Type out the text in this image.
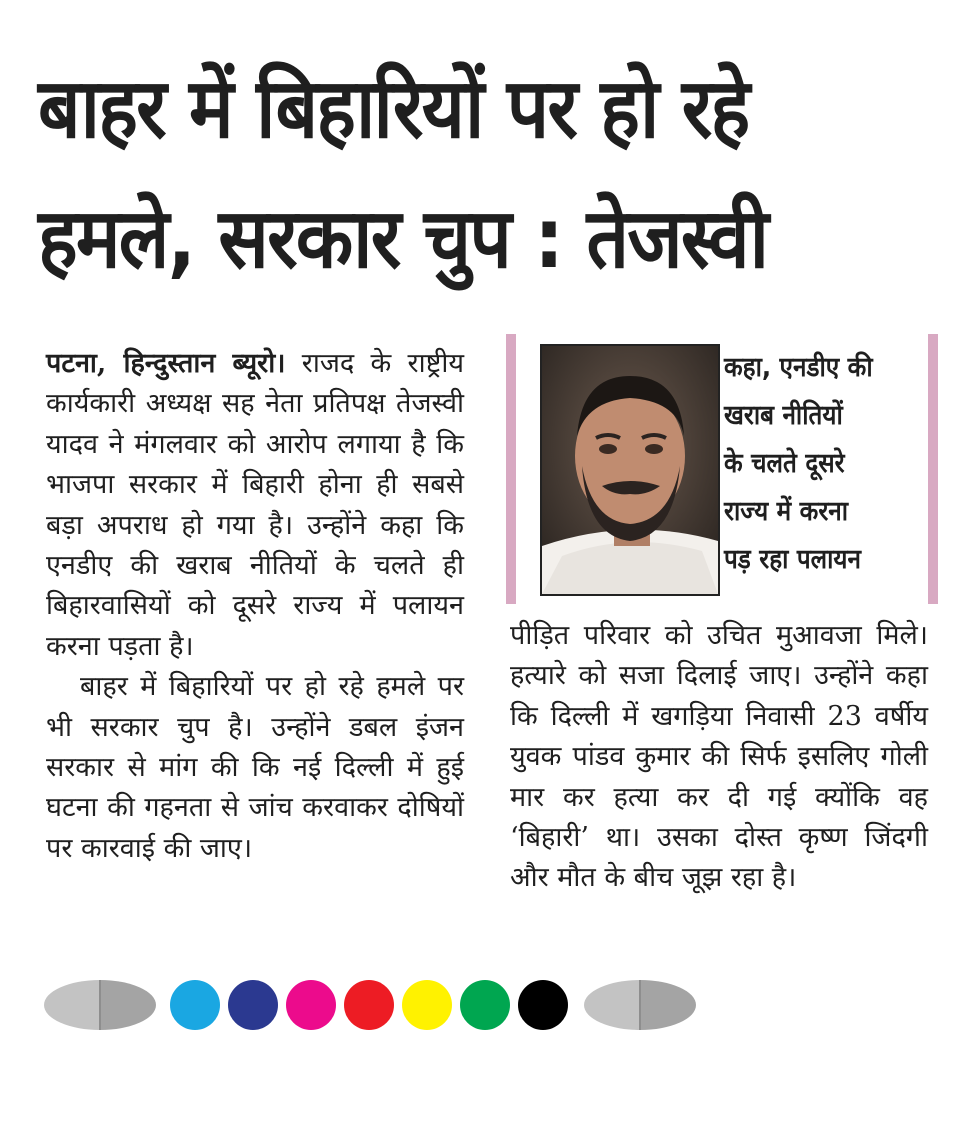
बाहर में बिहारियों पर हो रहे
हमले, सरकार चुप : तेजस्वी

पटना, हिन्दुस्तान ब्यूरो। राजद के राष्ट्रीय कार्यकारी अध्यक्ष सह नेता प्रतिपक्ष तेजस्वी यादव ने मंगलवार को आरोप लगाया है कि भाजपा सरकार में बिहारी होना ही सबसे बड़ा अपराध हो गया है। उन्होंने कहा कि एनडीए की खराब नीतियों के चलते ही बिहारवासियों को दूसरे राज्य में पलायन करना पड़ता है।

बाहर में बिहारियों पर हो रहे हमले पर भी सरकार चुप है। उन्होंने डबल इंजन सरकार से मांग की कि नई दिल्ली में हुई घटना की गहनता से जांच करवाकर दोषियों पर कारवाई की जाए।

कहा, एनडीए की
खराब नीतियों
के चलते दूसरे
राज्य में करना
पड़ रहा पलायन

पीड़ित परिवार को उचित मुआवजा मिले। हत्यारे को सजा दिलाई जाए। उन्होंने कहा कि दिल्ली में खगड़िया निवासी 23 वर्षीय युवक पांडव कुमार की सिर्फ इसलिए गोली मार कर हत्या कर दी गई क्योंकि वह ‘बिहारी’ था। उसका दोस्त कृष्ण जिंदगी और मौत के बीच जूझ रहा है।
